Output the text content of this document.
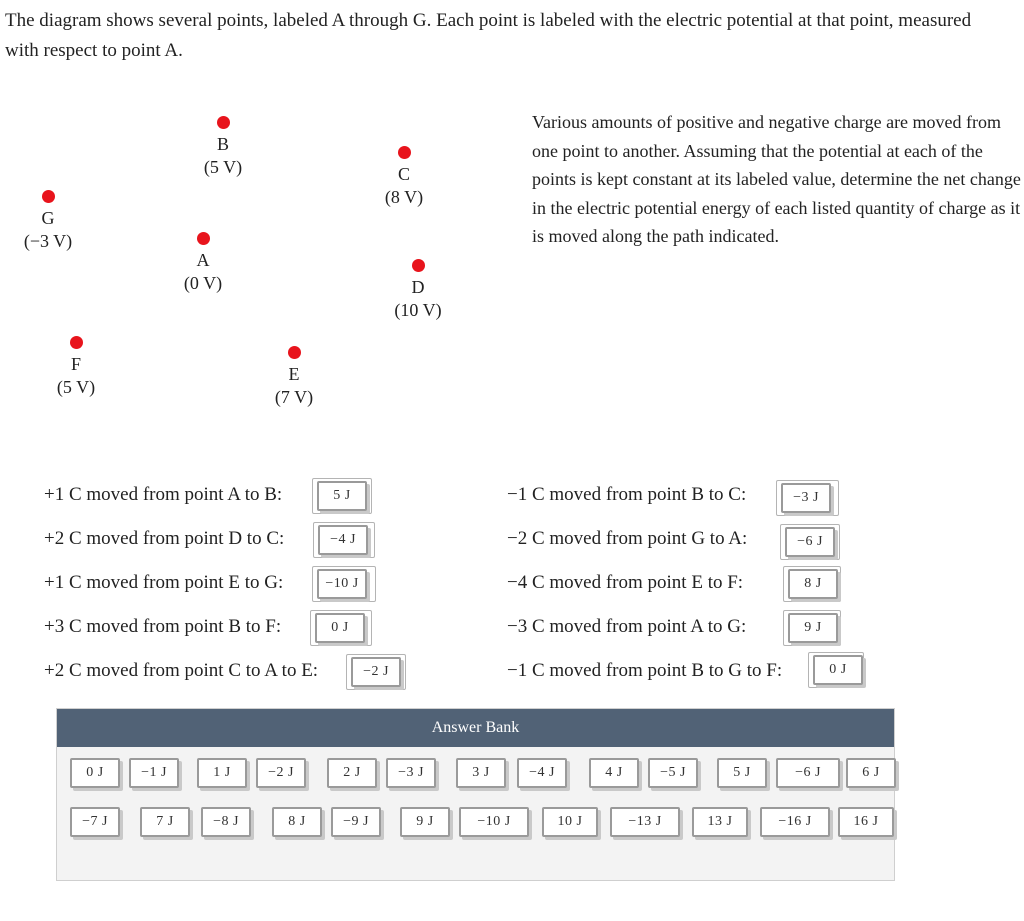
The diagram shows several points, labeled A through G. Each point is labeled with the electric potential at that point, measured with respect to point A.
B
(5 V)	C
(8 V)
G
(−3 V)
A
(0 V)	D
(10 V)
F
(5 V)
E
(7 V)
Various amounts of positive and negative charge are moved from one point to another. Assuming that the potential at each of the points is kept constant at its labeled value, determine the net change in the electric potential energy of each listed quantity of charge as it is moved along the path indicated.
+1 C moved from point A to B:	5 J
+2 C moved from point D to C:	−4 J
+1 C moved from point E to G:	−10 J
+3 C moved from point B to F:	0 J
+2 C moved from point C to A to E:	−2 J
−1 C moved from point B to C:	−3 J
−2 C moved from point G to A:	−6 J
−4 C moved from point E to F:	8 J
−3 C moved from point A to G:	9 J
−1 C moved from point B to G to F:	0 J
Answer Bank
0 J	−1 J	1 J	−2 J	2 J	−3 J	3 J	−4 J	4 J	−5 J	5 J	−6 J	6 J
−7 J	7 J	−8 J	8 J	−9 J	9 J	−10 J	10 J	−13 J	13 J	−16 J	16 J
